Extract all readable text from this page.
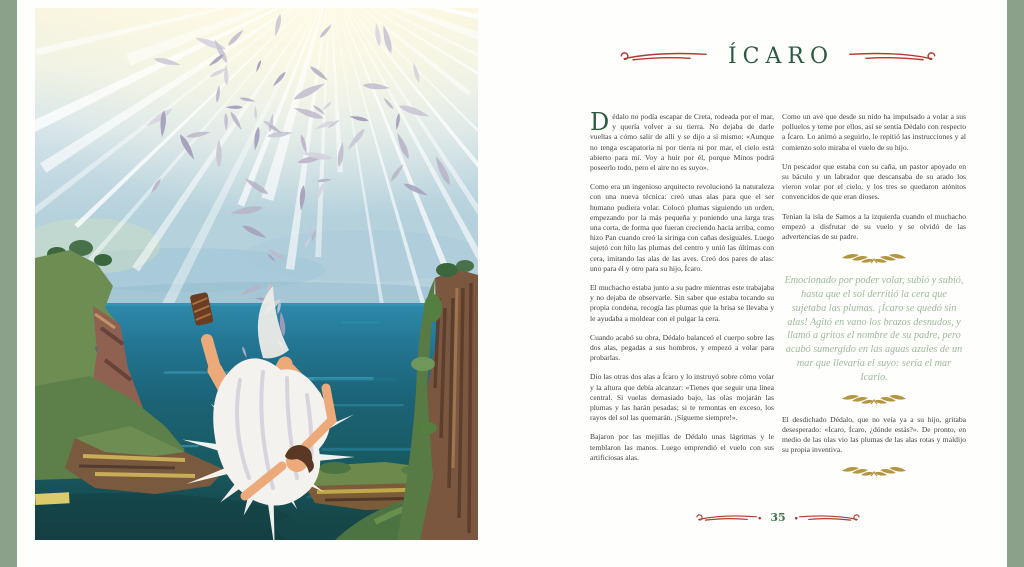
ÍCARO

Dédalo no podía escapar de Creta, rodeada por el mar, y quería volver a su tierra. No dejaba de darle vueltas a cómo salir de allí y se dijo a sí mismo: «Aunque no tenga escapatoria ni por tierra ni por mar, el cielo está abierto para mí. Voy a huir por él, porque Minos podrá poseerlo todo, pero el aire no es suyo».

Como era un ingenioso arquitecto revolucionó la naturaleza con una nueva técnica: creó unas alas para que el ser humano pudiera volar. Colocó plumas siguiendo un orden, empezando por la más pequeña y poniendo una larga tras una corta, de forma que fueran creciendo hacia arriba, como hizo Pan cuando creó la siringa con cañas desiguales. Luego sujetó con hilo las plumas del centro y unió las últimas con cera, imitando las alas de las aves. Creó dos pares de alas: uno para él y otro para su hijo, Ícaro.

El muchacho estaba junto a su padre mientras este trabajaba y no dejaba de observarle. Sin saber que estaba tocando su propia condena, recogía las plumas que la brisa se llevaba y le ayudaba a moldear con el pulgar la cera.

Cuando acabó su obra, Dédalo balanceó el cuerpo sobre las dos alas, pegadas a sus hombros, y empezó a volar para probarlas.

Dio las otras dos alas a Ícaro y lo instruyó sobre cómo volar y la altura que debía alcanzar: «Tienes que seguir una línea central. Si vuelas demasiado bajo, las olas mojarán las plumas y las harán pesadas; si te remontas en exceso, los rayos del sol las quemarán. ¡Sígueme siempre!».

Bajaron por las mejillas de Dédalo unas lágrimas y le temblaron las manos. Luego emprendió el vuelo con sus artificiosas alas.

Como un ave que desde su nido ha impulsado a volar a sus polluelos y teme por ellos, así se sentía Dédalo con respecto a Ícaro. Lo animó a seguirlo, le repitió las instrucciones y al comienzo solo miraba el vuelo de su hijo.

Un pescador que estaba con su caña, un pastor apoyado en su báculo y un labrador que descansaba de su arado los vieron volar por el cielo, y los tres se quedaron atónitos convencidos de que eran dioses.

Tenían la isla de Samos a la izquierda cuando el muchacho empezó a disfrutar de su vuelo y se olvidó de las advertencias de su padre.

Emocionado por poder volar, subió y subió, hasta que el sol derritió la cera que sujetaba las plumas. ¡Ícaro se quedó sin alas! Agitó en vano los brazos desnudos, y llamó a gritos el nombre de su padre, pero acabó sumergido en las aguas azules de un mar que llevaría el suyo: sería el mar Icario.

El desdichado Dédalo, que no veía ya a su hijo, gritaba desesperado: «Ícaro, Ícaro, ¿dónde estás?». De pronto, en medio de las olas vio las plumas de las alas rotas y maldijo su propia inventiva.

35
